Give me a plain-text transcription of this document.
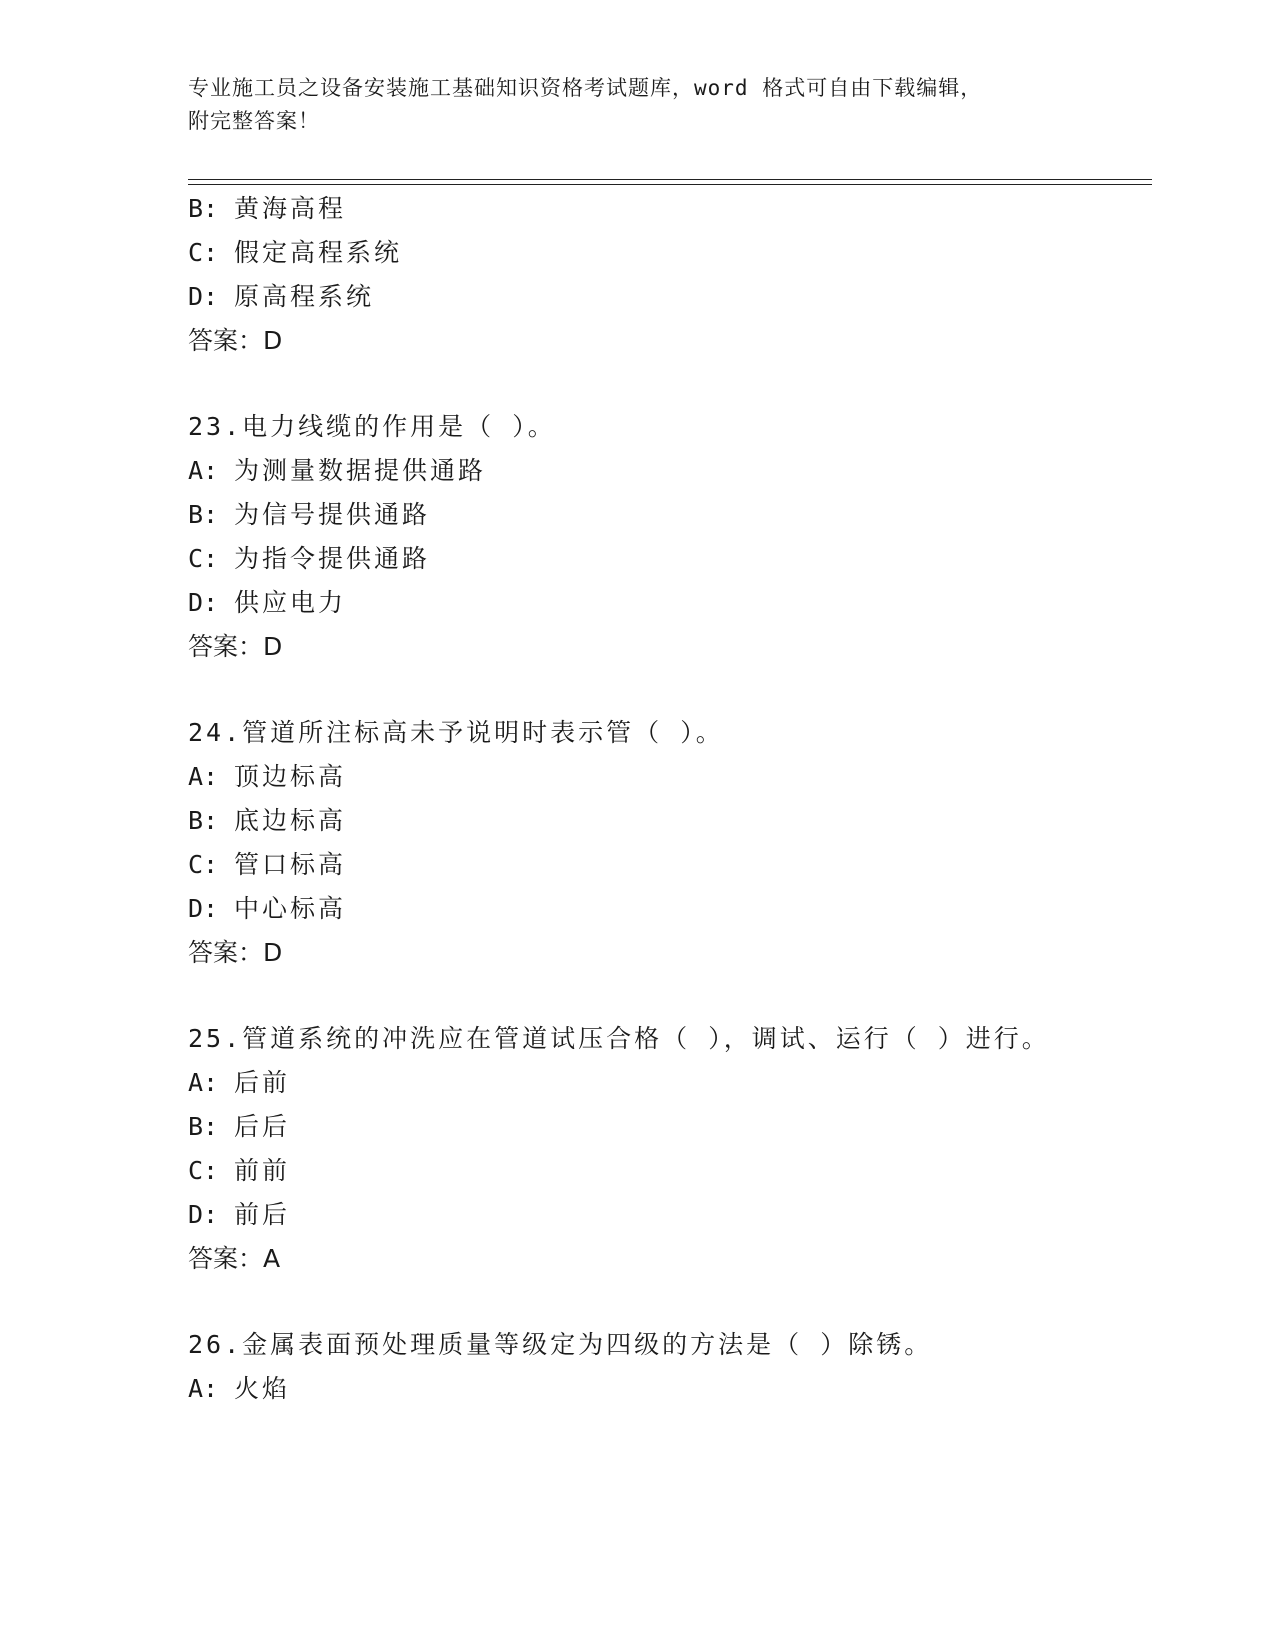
专业施工员之设备安装施工基础知识资格考试题库，word 格式可自由下载编辑，
附完整答案！
B: 黄海高程
C: 假定高程系统
D: 原高程系统
答案：D
23.电力线缆的作用是（ ）。
A: 为测量数据提供通路
B: 为信号提供通路
C: 为指令提供通路
D: 供应电力
答案：D
24.管道所注标高未予说明时表示管（ ）。
A: 顶边标高
B: 底边标高
C: 管口标高
D: 中心标高
答案：D
25.管道系统的冲洗应在管道试压合格（ ），调试、运行（ ）进行。
A: 后前
B: 后后
C: 前前
D: 前后
答案：A
26.金属表面预处理质量等级定为四级的方法是（ ）除锈。
A: 火焰
